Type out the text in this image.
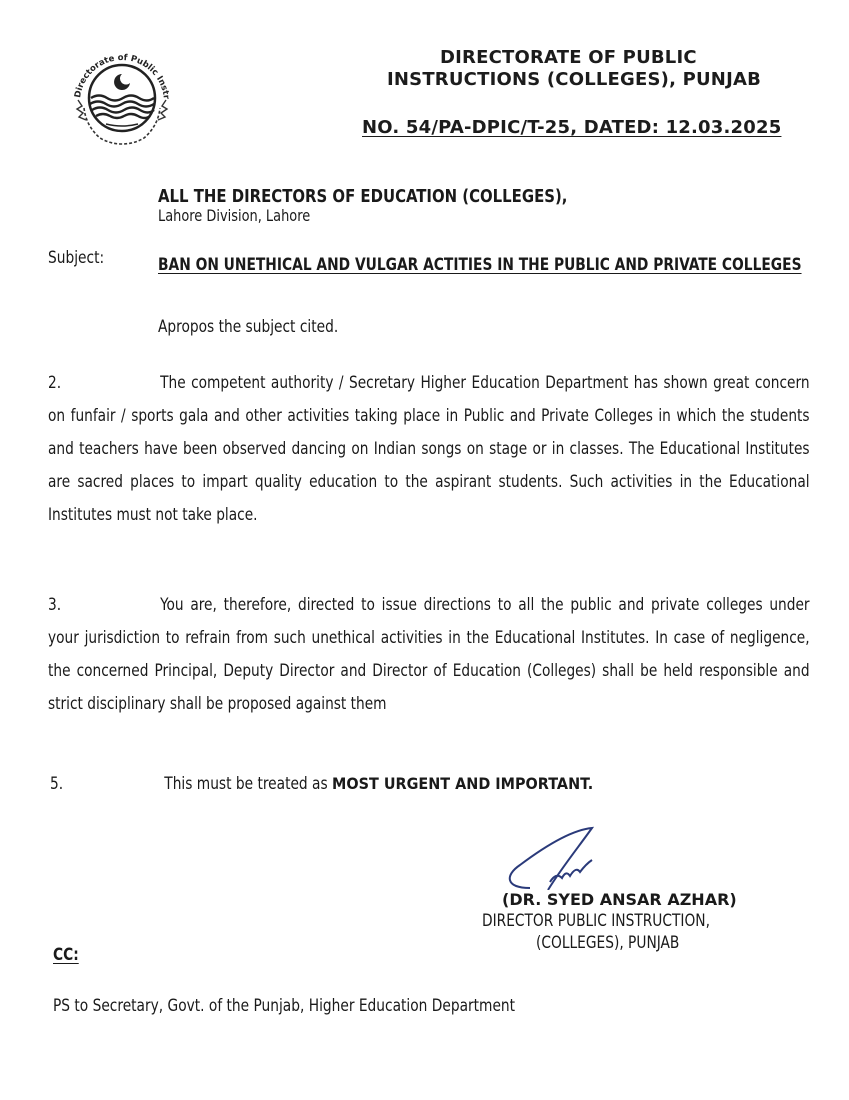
Directorate of Public Instr
DIRECTORATE OF PUBLIC
INSTRUCTIONS (COLLEGES), PUNJAB
NO. 54/PA-DPIC/T-25, DATED: 12.03.2025
ALL THE DIRECTORS OF EDUCATION (COLLEGES),
Lahore Division, Lahore
Subject:	BAN ON UNETHICAL AND VULGAR ACTITIES IN THE PUBLIC AND PRIVATE COLLEGES
Apropos the subject cited.
2.	The competent authority / Secretary Higher Education Department has shown great concern on funfair / sports gala and other activities taking place in Public and Private Colleges in which the students and teachers have been observed dancing on Indian songs on stage or in classes. The Educational Institutes are sacred places to impart quality education to the aspirant students. Such activities in the Educational Institutes must not take place.
3.	You are, therefore, directed to issue directions to all the public and private colleges under your jurisdiction to refrain from such unethical activities in the Educational Institutes. In case of negligence, the concerned Principal, Deputy Director and Director of Education (Colleges) shall be held responsible and strict disciplinary shall be proposed against them
5.	This must be treated as MOST URGENT AND IMPORTANT.
(DR. SYED ANSAR AZHAR)
DIRECTOR PUBLIC INSTRUCTION,
(COLLEGES), PUNJAB
CC:
PS to Secretary, Govt. of the Punjab, Higher Education Department
